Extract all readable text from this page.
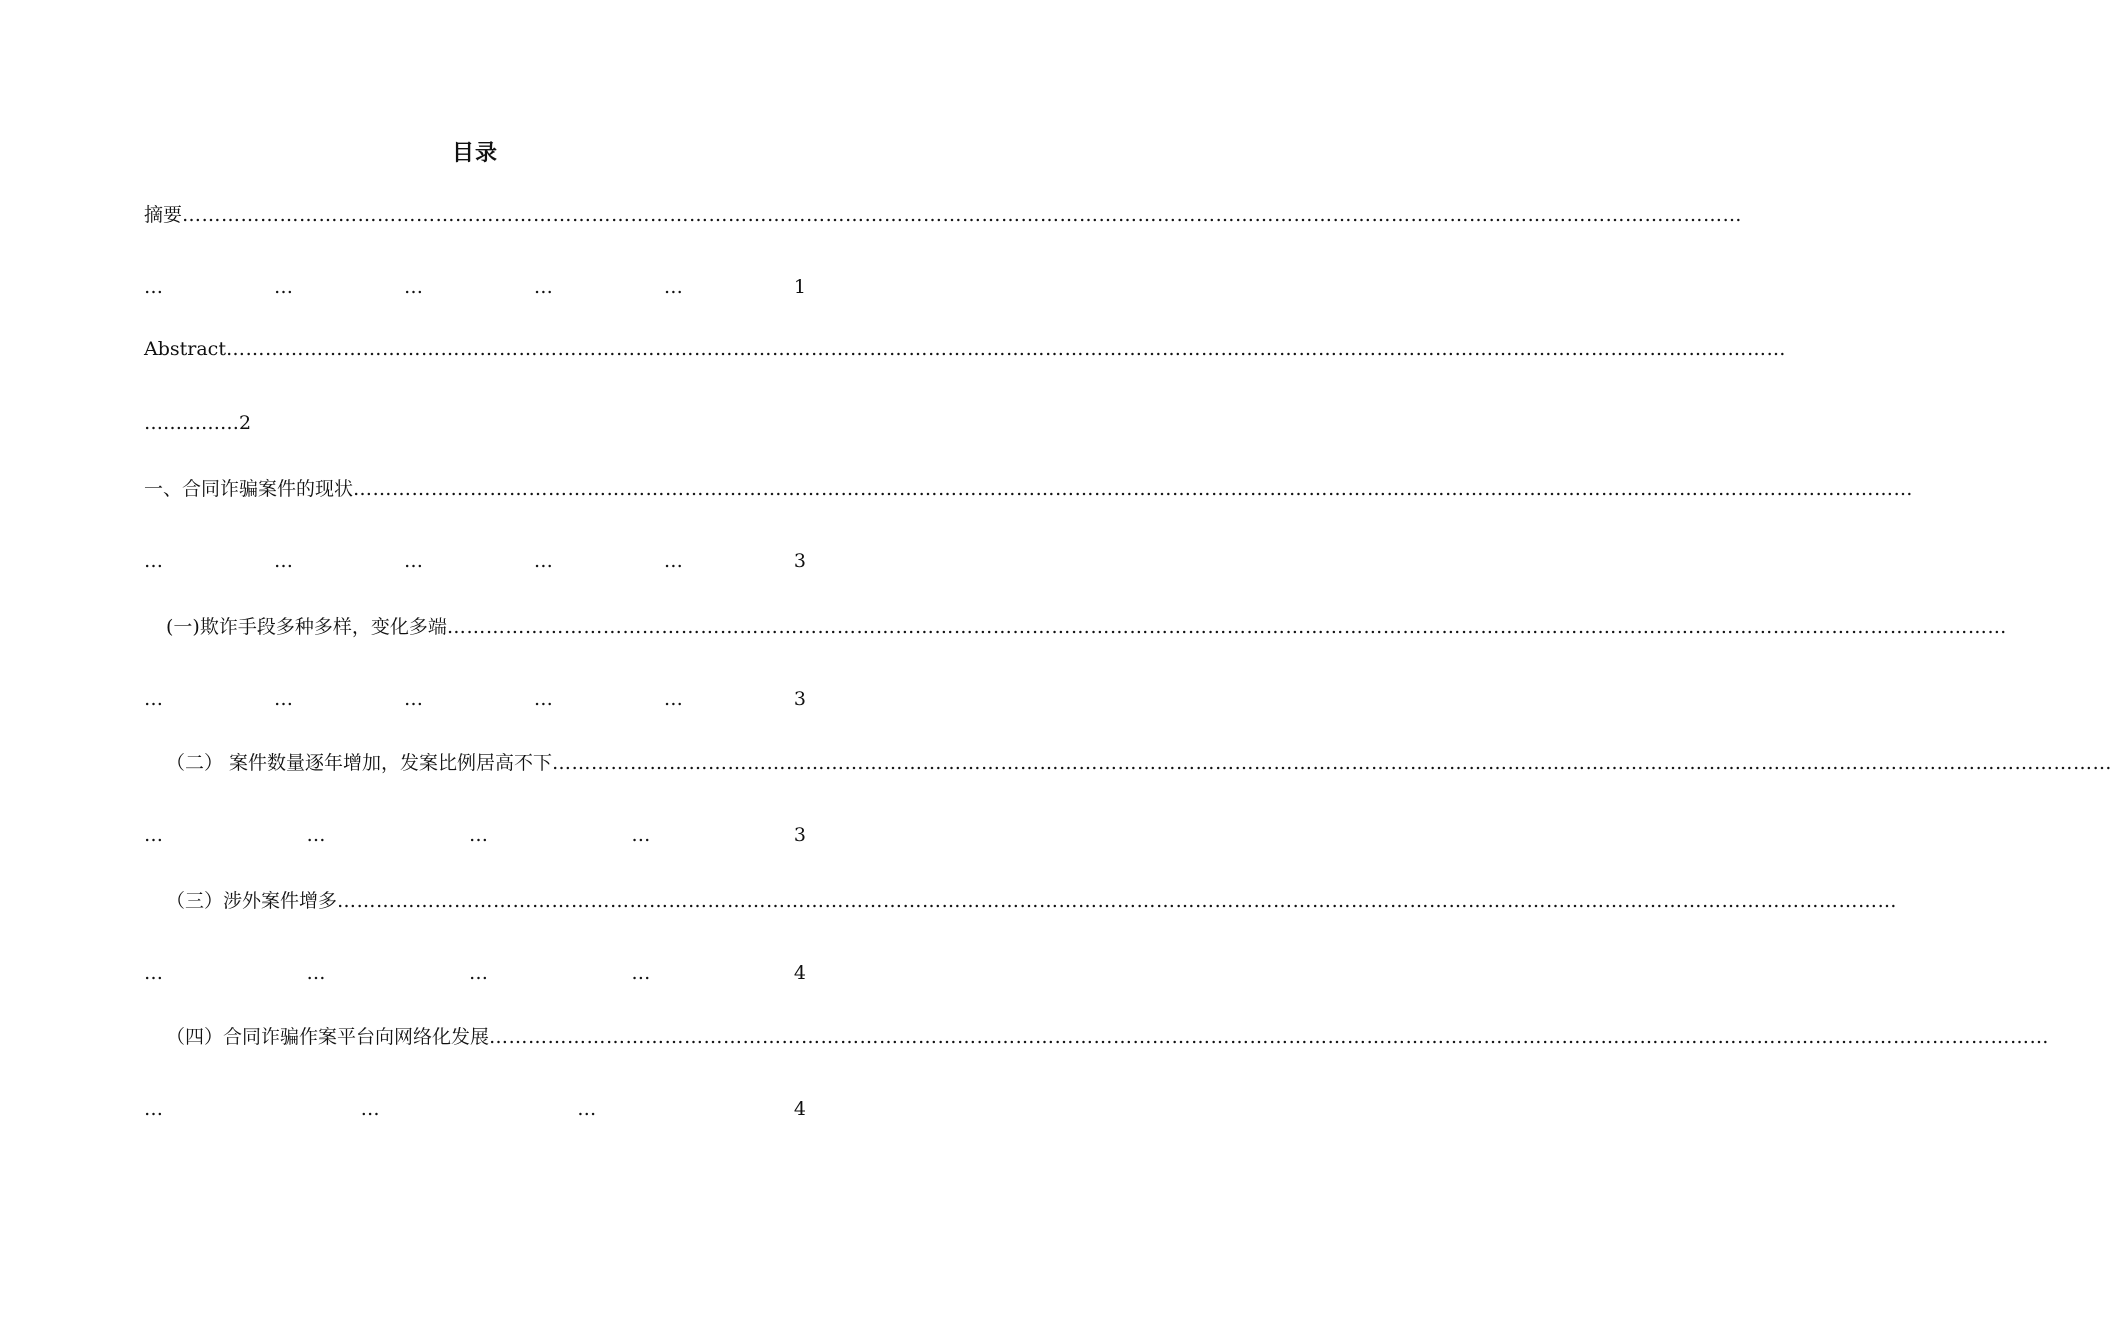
目录
摘要 ……………………………………………………………………………………………………………………………………………………………………………………………………………………
…	…	…	…	…	1
Abstract ……………………………………………………………………………………………………………………………………………………………………………………………………………………
……………2
一、合同诈骗案件的现状 ……………………………………………………………………………………………………………………………………………………………………………………………………………………
…	…	…	…	…	3
(一)欺诈手段多种多样，变化多端 ……………………………………………………………………………………………………………………………………………………………………………………………………………………
…	…	…	…	…	3
（二） 案件数量逐年增加，发案比例居高不下 ……………………………………………………………………………………………………………………………………………………………………………………………………………………
…	…	…	…	3
（三）涉外案件增多 ……………………………………………………………………………………………………………………………………………………………………………………………………………………
…	…	…	…	4
（四）合同诈骗作案平台向网络化发展 ……………………………………………………………………………………………………………………………………………………………………………………………………………………
…	…	…	4
